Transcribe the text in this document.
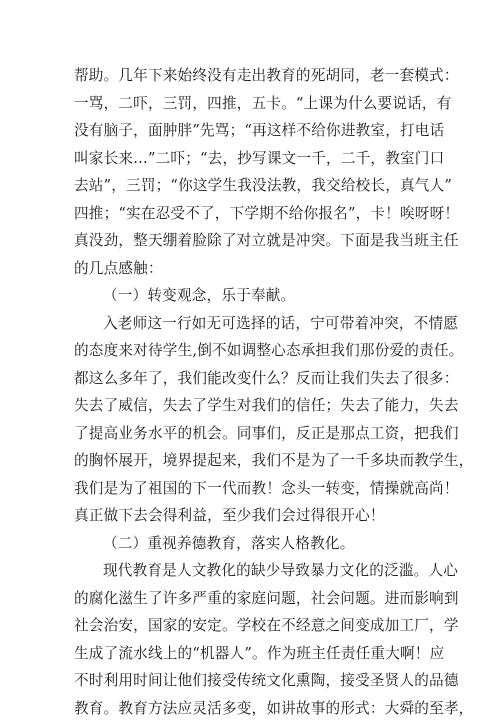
帮助。几年下来始终没有走出教育的死胡同，老一套模式：
一骂，二吓，三罚，四推，五卡。“上课为什么要说话，有
没有脑子，面肿胖”先骂；“再这样不给你进教室，打电话
叫家长来…”二吓；“去，抄写课文一千，二千，教室门口
去站”，三罚；“你这学生我没法教，我交给校长，真气人”
四推；“实在忍受不了，下学期不给你报名”，卡！唉呀呀！
真没劲，整天绷着脸除了对立就是冲突。下面是我当班主任
的几点感触：
（一）转变观念，乐于奉献。
入老师这一行如无可选择的话，宁可带着冲突，不情愿
的态度来对待学生,倒不如调整心态承担我们那份爱的责任。
都这么多年了，我们能改变什么？反而让我们失去了很多：
失去了威信，失去了学生对我们的信任；失去了能力，失去
了提高业务水平的机会。同事们，反正是那点工资，把我们
的胸怀展开，境界提起来，我们不是为了一千多块而教学生，
我们是为了祖国的下一代而教！念头一转变，情操就高尚！
真正做下去会得利益，至少我们会过得很开心！
（二）重视养德教育，落实人格教化。
现代教育是人文教化的缺少导致暴力文化的泛滥。人心
的腐化滋生了许多严重的家庭问题，社会问题。进而影响到
社会治安，国家的安定。学校在不经意之间变成加工厂，学
生成了流水线上的“机器人”。作为班主任责任重大啊！应
不时利用时间让他们接受传统文化熏陶，接受圣贤人的品德
教育。教育方法应灵活多变，如讲故事的形式：大舜的至孝，
